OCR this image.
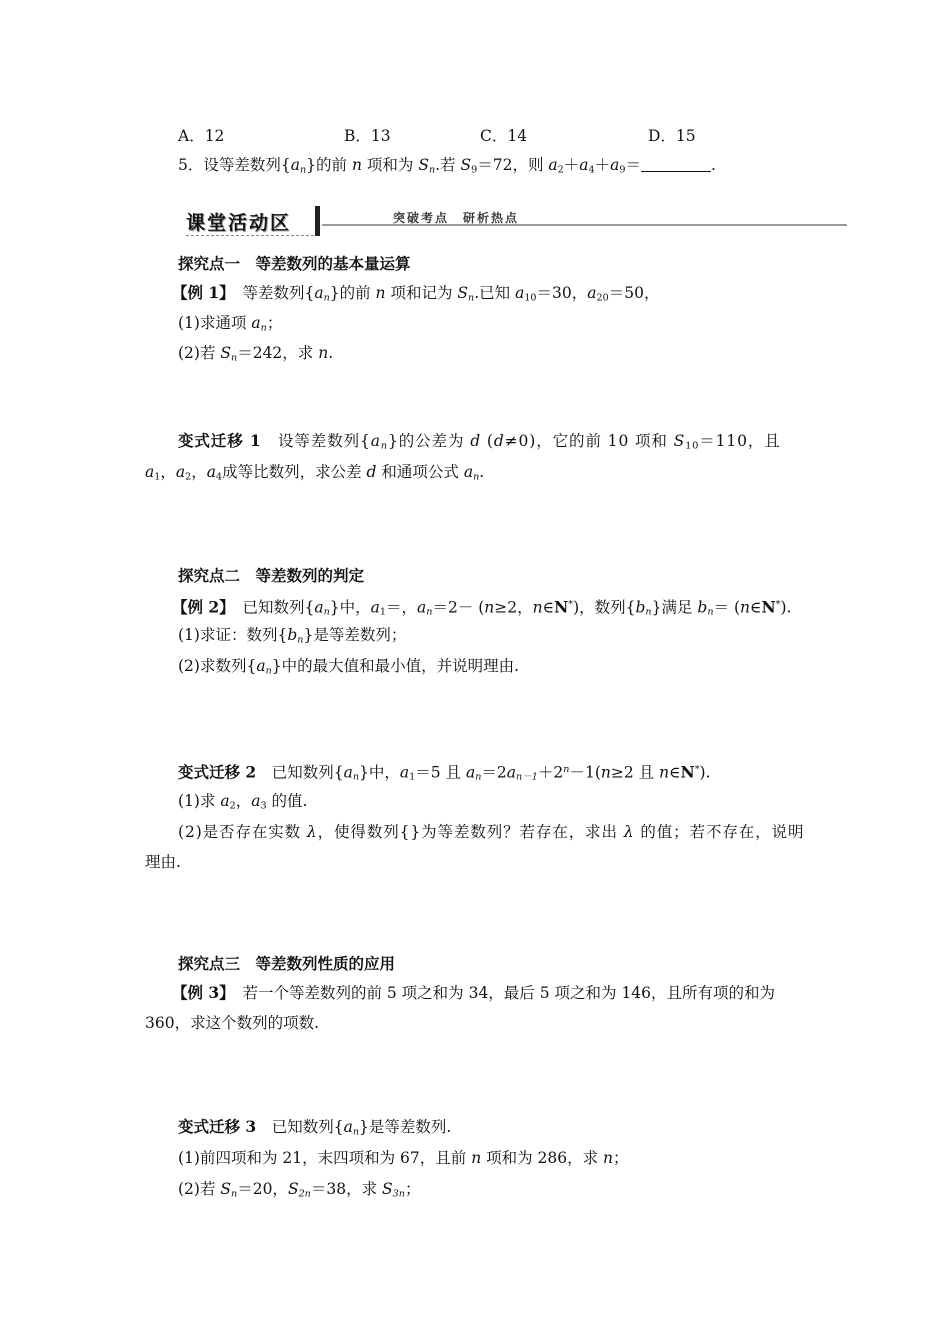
A．12	B．13	C．14	D．15
5．设等差数列$\{a_n\}$的前 n 项和为 $S_n$.若 $S_9=72$，则 $a_2+a_4+a_9=$	.
课堂活动区	突破考点　研析热点
探究点一　等差数列的基本量运算
【例 1】　等差数列$\{a_n\}$的前 n 项和记为 $S_n$.已知 $a_{10}=30$，$a_{20}=50$，
(1)求通项 $a_n$；
(2)若 $S_n=242$，求 n.
变式迁移 1　设等差数列$\{a_n\}$的公差为 d (d≠0)，它的前 10 项和 $S_{10}=110$，且
$a_1$，$a_2$，$a_4$成等比数列，求公差 d 和通项公式 $a_n$.
探究点二　等差数列的判定
【例 2】　已知数列$\{a_n\}$中，$a_1=$，$a_n=2- (n\ge 2$，n∈N*)，数列$\{b_n\}$满足 $b_n=$ (n∈N*).
(1)求证：数列$\{b_n\}$是等差数列；
(2)求数列$\{a_n\}$中的最大值和最小值，并说明理由.
变式迁移 2　已知数列$\{a_n\}$中，$a_1=5$ 且 $a_n=2a_{n-1}+2^n-1(n\ge 2$ 且 n∈N*).
(1)求 $a_2$，$a_3$ 的值.
(2)是否存在实数 λ，使得数列{}为等差数列？若存在，求出 λ 的值；若不存在，说明
理由.
探究点三　等差数列性质的应用
【例 3】　若一个等差数列的前 5 项之和为 34，最后 5 项之和为 146，且所有项的和为
360，求这个数列的项数.
变式迁移 3　已知数列$\{a_n\}$是等差数列.
(1)前四项和为 21，末四项和为 67，且前 n 项和为 286，求 n；
(2)若 $S_n=20$，$S_{2n}=38$，求 $S_{3n}$；
